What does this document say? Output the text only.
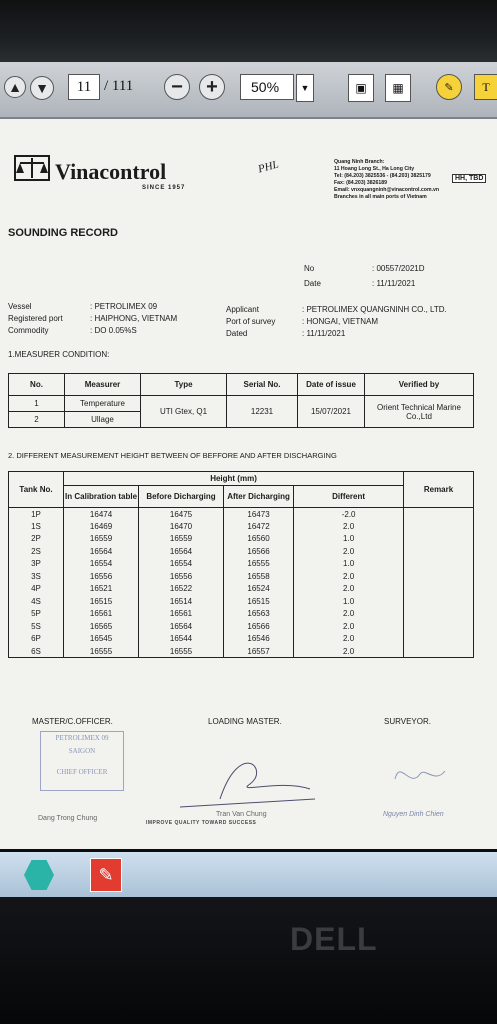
▲ ▼	11 / 111	−	+	50%	▼	▣	▦	✎	T
Vinacontrol
SINCE 1957
PHL	Quang Ninh Branch:
11 Hoang Long St., Ha Long City
Tel: (84.203) 3825536 - (84.203) 3825179
Fax: (84.203) 3826189
Email: vnxquangninh@vinacontrol.com.vn
Branches in all main ports of Vietnam
HH, TBD
SOUNDING RECORD
No	: 00557/2021D
Date	: 11/11/2021
Vessel	: PETROLIMEX 09
Registered port	: HAIPHONG, VIETNAM
Commodity	: DO 0.05%S
Applicant	: PETROLIMEX QUANGNINH CO., LTD.
Port of survey	: HONGAI, VIETNAM
Dated	: 11/11/2021
1.MEASURER CONDITION:
No.	Measurer	Type	Serial No.	Date of issue	Verified by
1	Temperature	UTI Gtex, Q1	12231	15/07/2021	Orient Technical Marine Co.,Ltd
2	Ullage				
2. DIFFERENT MEASUREMENT HEIGHT BETWEEN OF BEFFORE AND AFTER DISCHARGING
Tank No.	Height (mm)				Remark
	In Calibration table	Before Dicharging	After Dicharging	Different	
1P	16474	16475	16473	-2.0	
1S	16469	16470	16472	2.0	
2P	16559	16559	16560	1.0	
2S	16564	16564	16566	2.0	
3P	16554	16554	16555	1.0	
3S	16556	16556	16558	2.0	
4P	16521	16522	16524	2.0	
4S	16515	16514	16515	1.0	
5P	16561	16561	16563	2.0	
5S	16565	16564	16566	2.0	
6P	16545	16544	16546	2.0	
6S	16555	16555	16557	2.0	
MASTER/C.OFFICER.	LOADING MASTER.	SURVEYOR.
PETROLIMEX 09
SAIGON
CHIEF OFFICER
Dang Trong Chung
Tran Van Chung
IMPROVE QUALITY TOWARD SUCCESS
Nguyen Dinh Chien
✎
DELL
